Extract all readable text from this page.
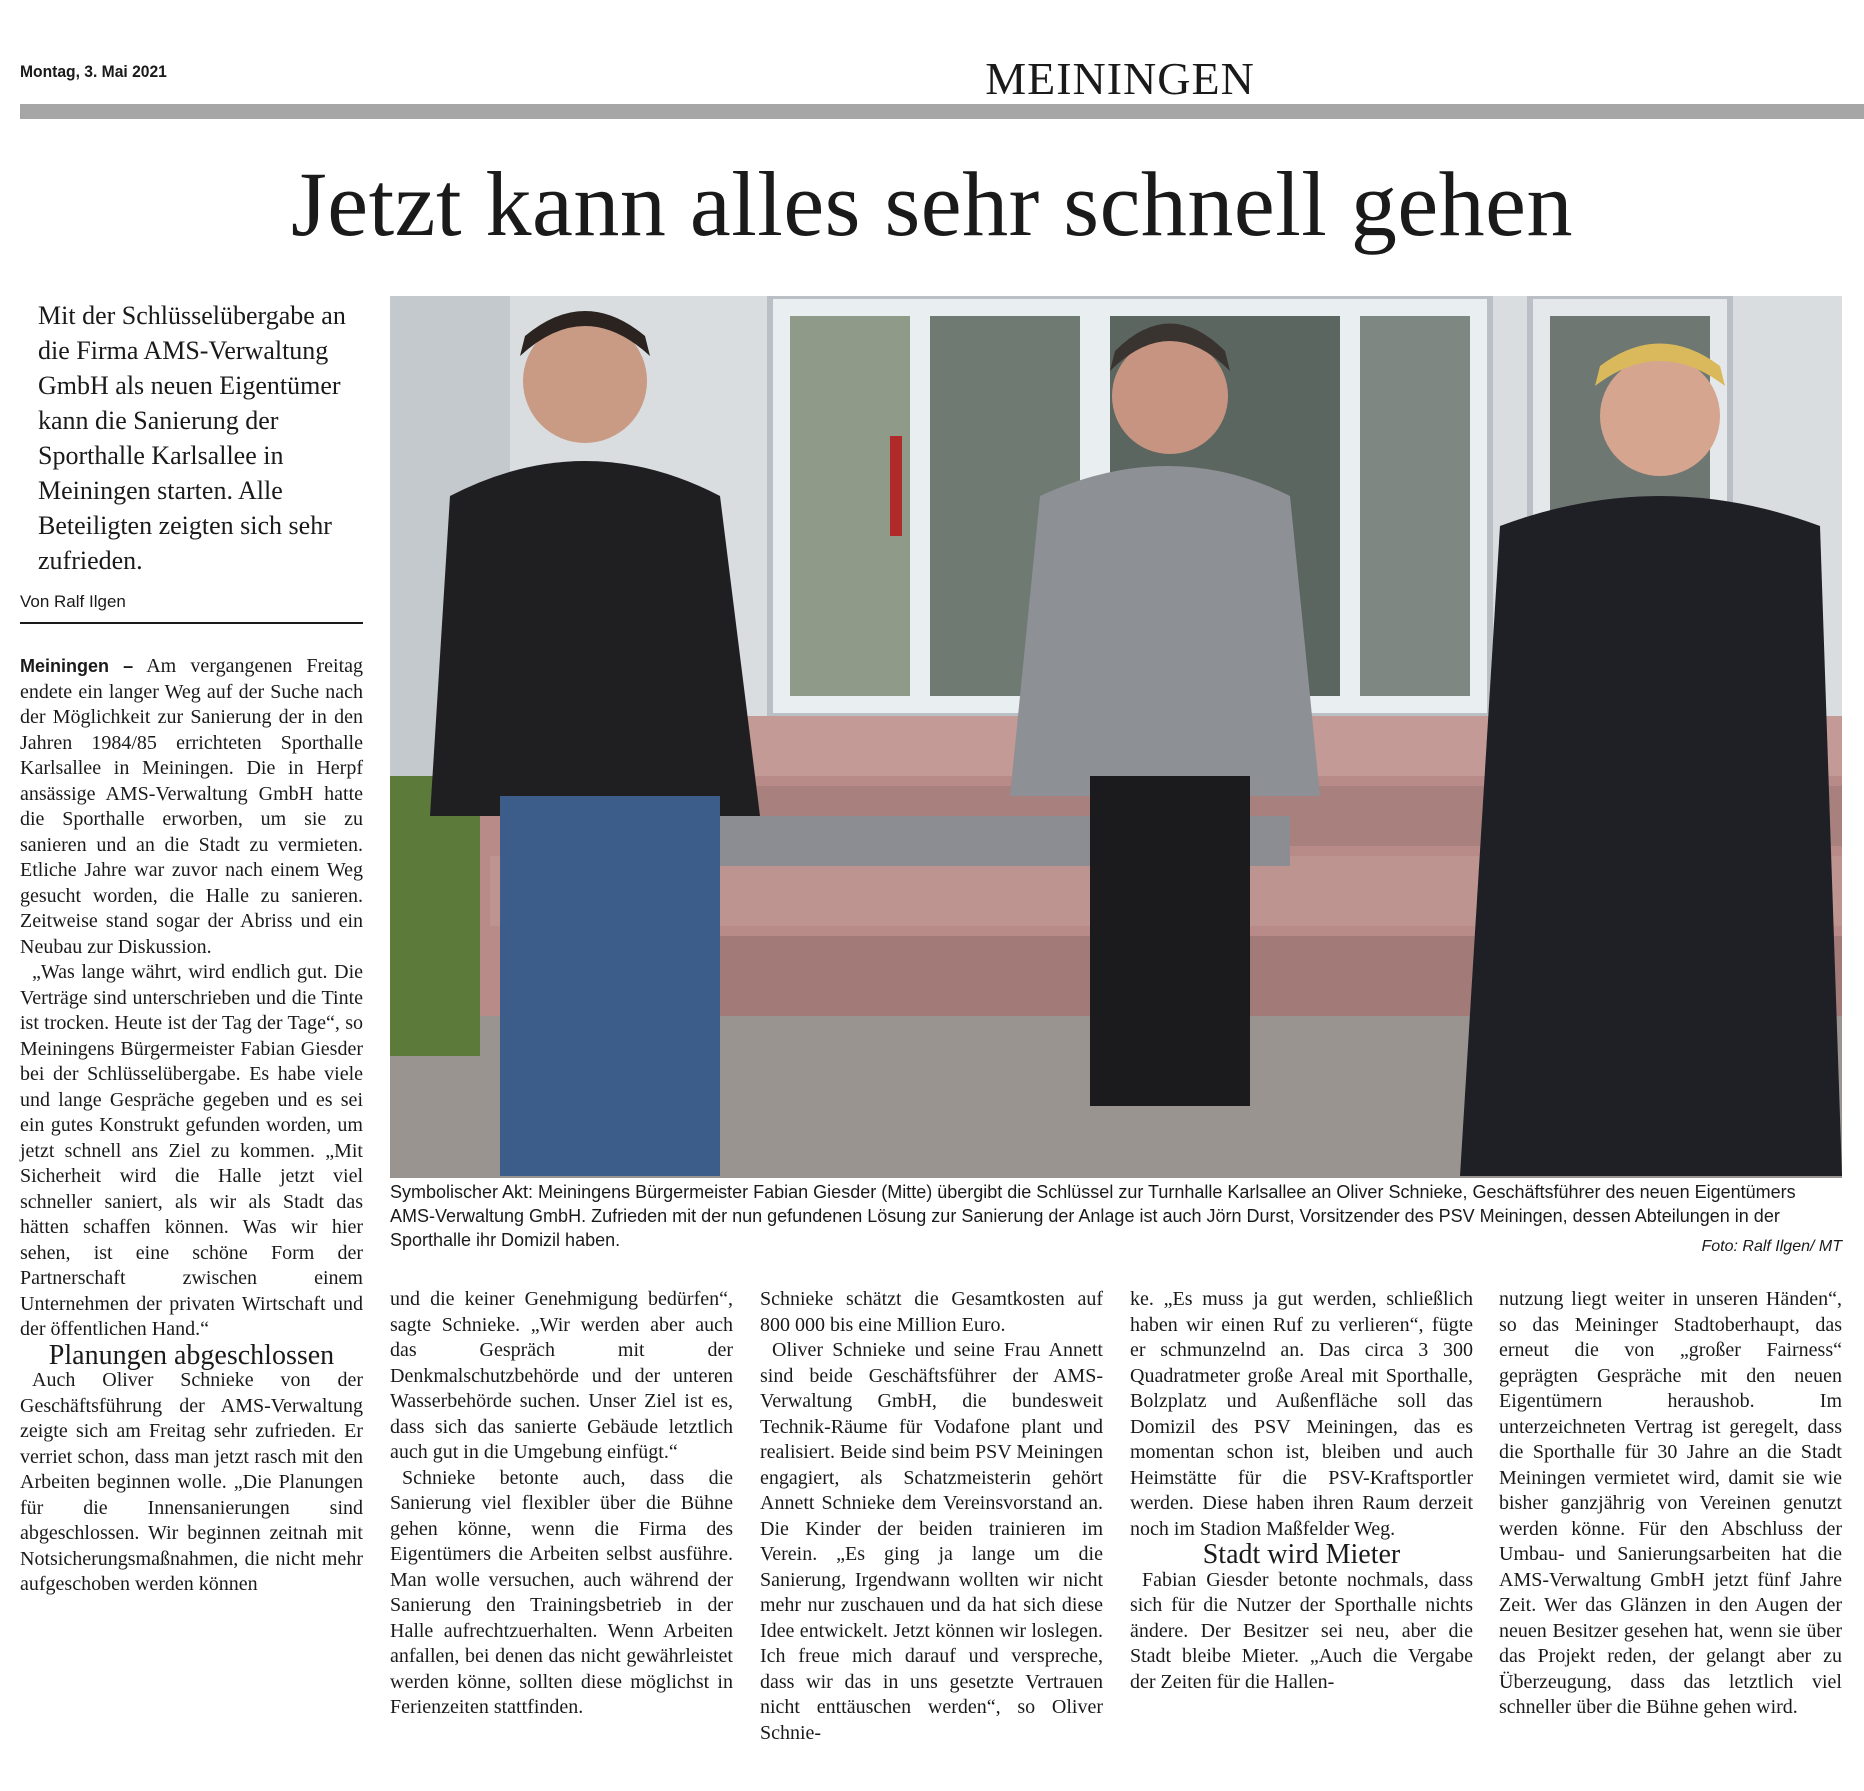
Montag, 3. Mai 2021	MEININGEN
Jetzt kann alles sehr schnell gehen
Mit der Schlüsselübergabe an die Firma AMS-Verwaltung GmbH als neuen Eigentümer kann die Sanierung der Sporthalle Karlsallee in Meiningen starten. Alle Beteiligten zeigten sich sehr zufrieden.
Von Ralf Ilgen

Meiningen – Am vergangenen Freitag endete ein langer Weg auf der Suche nach der Möglichkeit zur Sanierung der in den Jahren 1984/85 errichteten Sporthalle Karlsallee in Meiningen. Die in Herpf ansässige AMS-Verwaltung GmbH hatte die Sporthalle erworben, um sie zu sanieren und an die Stadt zu vermieten. Etliche Jahre war zuvor nach einem Weg gesucht worden, die Halle zu sanieren. Zeitweise stand sogar der Abriss und ein Neubau zur Diskussion.

„Was lange währt, wird endlich gut. Die Verträge sind unterschrieben und die Tinte ist trocken. Heute ist der Tag der Tage“, so Meiningens Bürgermeister Fabian Giesder bei der Schlüsselübergabe. Es habe viele und lange Gespräche gegeben und es sei ein gutes Konstrukt gefunden worden, um jetzt schnell ans Ziel zu kommen. „Mit Sicherheit wird die Halle jetzt viel schneller saniert, als wir als Stadt das hätten schaffen können. Was wir hier sehen, ist eine schöne Form der Partnerschaft zwischen einem Unternehmen der privaten Wirtschaft und der öffentlichen Hand.“

Planungen abgeschlossen

Auch Oliver Schnieke von der Geschäftsführung der AMS-Verwaltung zeigte sich am Freitag sehr zufrieden. Er verriet schon, dass man jetzt rasch mit den Arbeiten beginnen wolle. „Die Planungen für die Innensanierungen sind abgeschlossen. Wir beginnen zeitnah mit Notsicherungsmaßnahmen, die nicht mehr aufgeschoben werden können

Symbolischer Akt: Meiningens Bürgermeister Fabian Giesder (Mitte) übergibt die Schlüssel zur Turnhalle Karlsallee an Oliver Schnieke, Geschäftsführer des neuen Eigentümers AMS-Verwaltung GmbH. Zufrieden mit der nun gefundenen Lösung zur Sanierung der Anlage ist auch Jörn Durst, Vorsitzender des PSV Meiningen, dessen Abteilungen in der Sporthalle ihr Domizil haben.	Foto: Ralf Ilgen/ MT

und die keiner Genehmigung bedürfen“, sagte Schnieke. „Wir werden aber auch das Gespräch mit der Denkmalschutzbehörde und der unteren Wasserbehörde suchen. Unser Ziel ist es, dass sich das sanierte Gebäude letztlich auch gut in die Umgebung einfügt.“

Schnieke betonte auch, dass die Sanierung viel flexibler über die Bühne gehen könne, wenn die Firma des Eigentümers die Arbeiten selbst ausführe. Man wolle versuchen, auch während der Sanierung den Trainingsbetrieb in der Halle aufrechtzuerhalten. Wenn Arbeiten anfallen, bei denen das nicht gewährleistet werden könne, sollten diese möglichst in Ferienzeiten stattfinden.

Schnieke schätzt die Gesamtkosten auf 800 000 bis eine Million Euro.

Oliver Schnieke und seine Frau Annett sind beide Geschäftsführer der AMS-Verwaltung GmbH, die bundesweit Technik-Räume für Vodafone plant und realisiert. Beide sind beim PSV Meiningen engagiert, als Schatzmeisterin gehört Annett Schnieke dem Vereinsvorstand an. Die Kinder der beiden trainieren im Verein. „Es ging ja lange um die Sanierung, Irgendwann wollten wir nicht mehr nur zuschauen und da hat sich diese Idee entwickelt. Jetzt können wir loslegen. Ich freue mich darauf und verspreche, dass wir das in uns gesetzte Vertrauen nicht enttäuschen werden“, so Oliver Schnie-

ke. „Es muss ja gut werden, schließlich haben wir einen Ruf zu verlieren“, fügte er schmunzelnd an. Das circa 3 300 Quadratmeter große Areal mit Sporthalle, Bolzplatz und Außenfläche soll das Domizil des PSV Meiningen, das es momentan schon ist, bleiben und auch Heimstätte für die PSV-Kraftsportler werden. Diese haben ihren Raum derzeit noch im Stadion Maßfelder Weg.

Stadt wird Mieter

Fabian Giesder betonte nochmals, dass sich für die Nutzer der Sporthalle nichts ändere. Der Besitzer sei neu, aber die Stadt bleibe Mieter. „Auch die Vergabe der Zeiten für die Hallen-

nutzung liegt weiter in unseren Händen“, so das Meininger Stadtoberhaupt, das erneut die von „großer Fairness“ geprägten Gespräche mit den neuen Eigentümern heraushob. Im unterzeichneten Vertrag ist geregelt, dass die Sporthalle für 30 Jahre an die Stadt Meiningen vermietet wird, damit sie wie bisher ganzjährig von Vereinen genutzt werden könne. Für den Abschluss der Umbau- und Sanierungsarbeiten hat die AMS-Verwaltung GmbH jetzt fünf Jahre Zeit. Wer das Glänzen in den Augen der neuen Besitzer gesehen hat, wenn sie über das Projekt reden, der gelangt aber zu Überzeugung, dass das letztlich viel schneller über die Bühne gehen wird.
